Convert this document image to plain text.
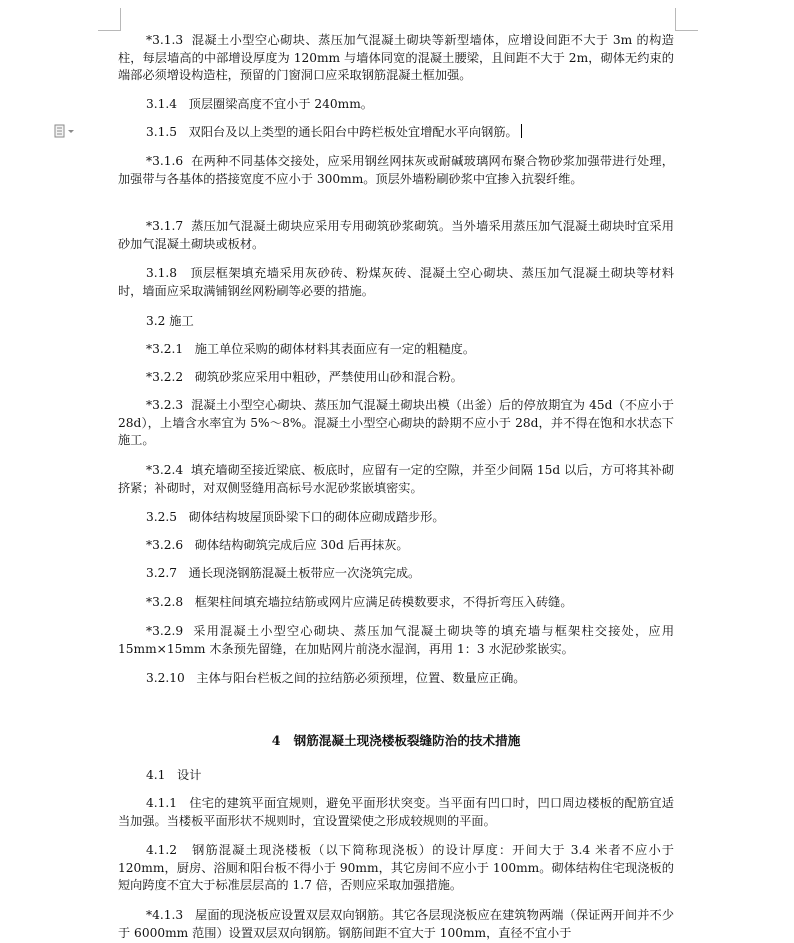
*3.1.3 混凝土小型空心砌块、蒸压加气混凝土砌块等新型墙体，应增设间距不大于 3m 的构造柱，每层墙高的中部增设厚度为 120mm 与墙体同宽的混凝土腰梁，且间距不大于 2m，砌体无约束的端部必须增设构造柱，预留的门窗洞口应采取钢筋混凝土框加强。
3.1.4 顶层圈梁高度不宜小于 240mm。
3.1.5 双阳台及以上类型的通长阳台中跨栏板处宜增配水平向钢筋。
*3.1.6 在两种不同基体交接处，应采用钢丝网抹灰或耐碱玻璃网布聚合物砂浆加强带进行处理，加强带与各基体的搭接宽度不应小于 300mm。顶层外墙粉刷砂浆中宜掺入抗裂纤维。
*3.1.7 蒸压加气混凝土砌块应采用专用砌筑砂浆砌筑。当外墙采用蒸压加气混凝土砌块时宜采用砂加气混凝土砌块或板材。
3.1.8 顶层框架填充墙采用灰砂砖、粉煤灰砖、混凝土空心砌块、蒸压加气混凝土砌块等材料时，墙面应采取满铺钢丝网粉刷等必要的措施。
3.2 施工
*3.2.1 施工单位采购的砌体材料其表面应有一定的粗糙度。
*3.2.2 砌筑砂浆应采用中粗砂，严禁使用山砂和混合粉。
*3.2.3 混凝土小型空心砌块、蒸压加气混凝土砌块出模（出釜）后的停放期宜为 45d（不应小于 28d），上墙含水率宜为 5%～8%。混凝土小型空心砌块的龄期不应小于 28d，并不得在饱和水状态下施工。
*3.2.4 填充墙砌至接近梁底、板底时，应留有一定的空隙，并至少间隔 15d 以后，方可将其补砌挤紧；补砌时，对双侧竖缝用高标号水泥砂浆嵌填密实。
3.2.5 砌体结构坡屋顶卧梁下口的砌体应砌成踏步形。
*3.2.6 砌体结构砌筑完成后应 30d 后再抹灰。
3.2.7 通长现浇钢筋混凝土板带应一次浇筑完成。
*3.2.8 框架柱间填充墙拉结筋或网片应满足砖模数要求，不得折弯压入砖缝。
*3.2.9 采用混凝土小型空心砌块、蒸压加气混凝土砌块等的填充墙与框架柱交接处，应用 15mm×15mm 木条预先留缝，在加贴网片前浇水湿润，再用 1：3 水泥砂浆嵌实。
3.2.10 主体与阳台栏板之间的拉结筋必须预埋，位置、数量应正确。
4 钢筋混凝土现浇楼板裂缝防治的技术措施
4.1 设计
4.1.1 住宅的建筑平面宜规则，避免平面形状突变。当平面有凹口时，凹口周边楼板的配筋宜适当加强。当楼板平面形状不规则时，宜设置梁使之形成较规则的平面。
4.1.2 钢筋混凝土现浇楼板（以下简称现浇板）的设计厚度：开间大于 3.4 米者不应小于 120mm，厨房、浴厕和阳台板不得小于 90mm，其它房间不应小于 100mm。砌体结构住宅现浇板的短向跨度不宜大于标准层层高的 1.7 倍，否则应采取加强措施。
*4.1.3 屋面的现浇板应设置双层双向钢筋。其它各层现浇板应在建筑物两端（保证两开间并不少于 6000mm 范围）设置双层双向钢筋。钢筋间距不宜大于 100mm，直径不宜小于
